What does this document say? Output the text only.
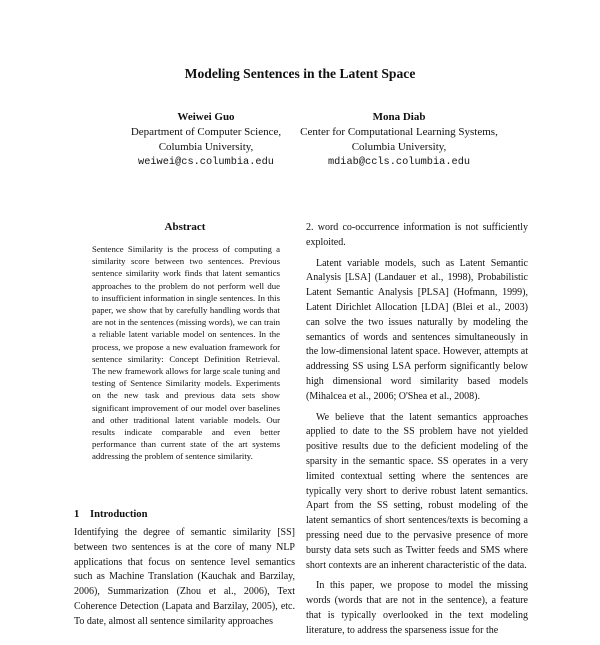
Modeling Sentences in the Latent Space
Weiwei Guo
Department of Computer Science,
Columbia University,
weiwei@cs.columbia.edu
Mona Diab
Center for Computational Learning Systems,
Columbia University,
mdiab@ccls.columbia.edu
Abstract

Sentence Similarity is the process of computing a similarity score between two sentences. Previous sentence similarity work finds that latent semantics approaches to the problem do not perform well due to insufficient information in single sentences. In this paper, we show that by carefully handling words that are not in the sentences (missing words), we can train a reliable latent variable model on sentences. In the process, we propose a new evaluation framework for sentence similarity: Concept Definition Retrieval. The new framework allows for large scale tuning and testing of Sentence Similarity models. Experiments on the new task and previous data sets show significant improvement of our model over baselines and other traditional latent variable models. Our results indicate comparable and even better performance than current state of the art systems addressing the problem of sentence similarity.

1 Introduction

Identifying the degree of semantic similarity [SS] between two sentences is at the core of many NLP applications that focus on sentence level semantics such as Machine Translation (Kauchak and Barzilay, 2006), Summarization (Zhou et al., 2006), Text Coherence Detection (Lapata and Barzilay, 2005), etc. To date, almost all sentence similarity approaches

2. word co-occurrence information is not sufficiently exploited.

Latent variable models, such as Latent Semantic Analysis [LSA] (Landauer et al., 1998), Probabilistic Latent Semantic Analysis [PLSA] (Hofmann, 1999), Latent Dirichlet Allocation [LDA] (Blei et al., 2003) can solve the two issues naturally by modeling the semantics of words and sentences simultaneously in the low-dimensional latent space. However, attempts at addressing SS using LSA perform significantly below high dimensional word similarity based models (Mihalcea et al., 2006; O'Shea et al., 2008).

We believe that the latent semantics approaches applied to date to the SS problem have not yielded positive results due to the deficient modeling of the sparsity in the semantic space. SS operates in a very limited contextual setting where the sentences are typically very short to derive robust latent semantics. Apart from the SS setting, robust modeling of the latent semantics of short sentences/texts is becoming a pressing need due to the pervasive presence of more bursty data sets such as Twitter feeds and SMS where short contexts are an inherent characteristic of the data.

In this paper, we propose to model the missing words (words that are not in the sentence), a feature that is typically overlooked in the text modeling literature, to address the sparseness issue for the
